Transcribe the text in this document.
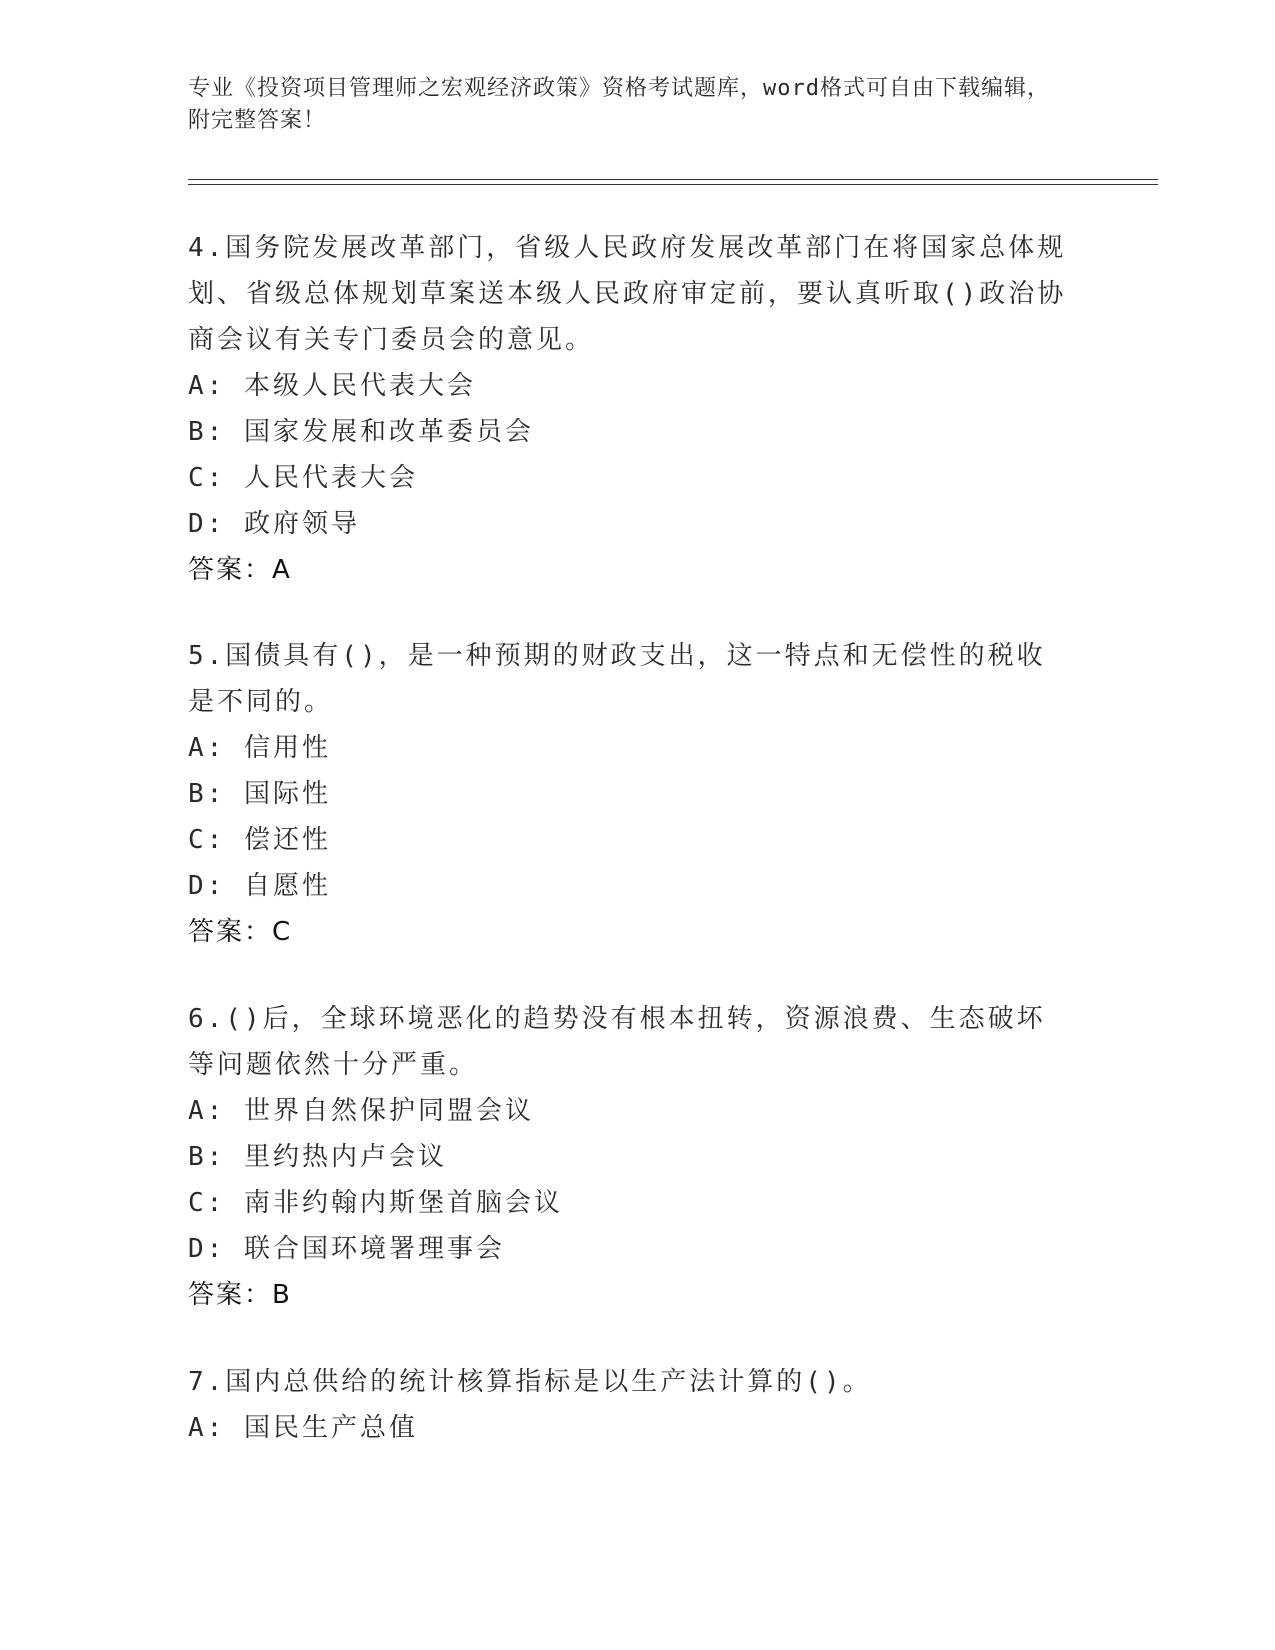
专业《投资项目管理师之宏观经济政策》资格考试题库，word格式可自由下载编辑，附完整答案！

4.国务院发展改革部门，省级人民政府发展改革部门在将国家总体规划、省级总体规划草案送本级人民政府审定前，要认真听取()政治协商会议有关专门委员会的意见。

A: 本级人民代表大会

B: 国家发展和改革委员会

C: 人民代表大会

D: 政府领导

答案：A

5.国债具有()，是一种预期的财政支出，这一特点和无偿性的税收是不同的。

A: 信用性

B: 国际性

C: 偿还性

D: 自愿性

答案：C

6.()后，全球环境恶化的趋势没有根本扭转，资源浪费、生态破坏等问题依然十分严重。

A: 世界自然保护同盟会议

B: 里约热内卢会议

C: 南非约翰内斯堡首脑会议

D: 联合国环境署理事会

答案：B

7.国内总供给的统计核算指标是以生产法计算的()。

A: 国民生产总值
